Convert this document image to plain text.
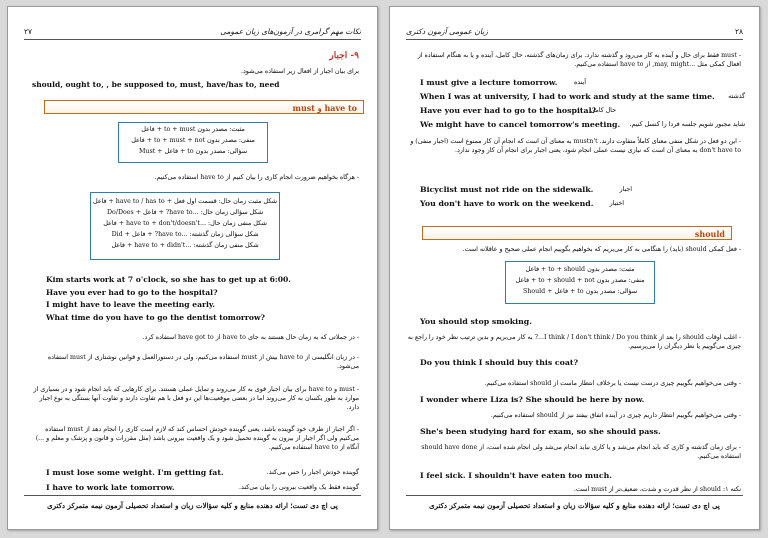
۲۷	نکات مهم گرامری در آزمون‌های زبان عمومی
۹- اجبار
برای بیان اجبار از افعال زیر استفاده می‌شود.
should, ought to, , be supposed to, must, have/has to, need
have to و must
مثبت: مصدر بدون to + must + فاعل
منفی: مصدر بدون to + must + not + فاعل
سؤالی: مصدر بدون to + فاعل + Must
- هرگاه بخواهیم ضرورت انجام کاری را بیان کنیم از have to استفاده می‌کنیم.
شکل مثبت زمان حال: قسمت اول فعل + have to / has to + فاعل
شکل سؤالی زمان حال: ...have to? + فاعل + Do/Does
شکل منفی زمان حال: ...have to + don't/doesn't + فاعل
شکل سؤالی زمان گذشته: ...have to? + فاعل + Did
شکل منفی زمان گذشته: ...have to + didn't + فاعل
Kim starts work at 7 o'clock, so she has to get up at 6:00.
Have you ever had to go to the hospital?
I might have to leave the meeting early.
What time do you have to go the dentist tomorrow?
- در جملاتی که به زمان حال هستند به جای have to از have got to استفاده کرد.
- در زبان انگلیسی از have to بیش از must استفاده می‌کنیم، ولی در دستورالعمل و قوانین نوشتاری از must استفاده می‌شود.
- must و have to برای بیان اجبار قوی به کار می‌روند و تمایل عملی هستند. برای کارهایی که باید انجام شود و در بسیاری از موارد به طور یکسان به کار می‌روند اما در بعضی موقعیت‌ها این دو فعل با هم تفاوت دارند و تفاوت آنها بستگی به نوع اجبار دارد.
- اگر اجبار از طرف خود گوینده باشد، یعنی گوینده خودش احساس کند که لازم است کاری را انجام دهد از must استفاده می‌کنیم ولی اگر اجبار از بیرون به گوینده تحمیل شود و یک واقعیت بیرونی باشد (مثل مقررات و قانون و پزشک و معلم و ...) آنگاه از have to استفاده می‌کنیم.
I must lose some weight. I'm getting fat.	گوینده خودش اجبار را حس می‌کند.
I have to work late tomorrow.	گوینده فقط یک واقعیت بیرونی را بیان می‌کند.
پی اچ دی تست؛ ارائه دهنده منابع و کلیه سؤالات زبان و استعداد تحصیلی آزمون نیمه متمرکز دکتری
۲۸
زبان عمومی آزمون دکتری
- must فقط برای حال و آینده به کار می‌رود و گذشته ندارد. برای زمان‌های گذشته، حال کامل، آینده و یا به هنگام استفاده از افعال کمکی مثل ...may, might, از have to استفاده می‌کنیم.
I must give a lecture tomorrow.	آینده
When I was at university, I had to work and study at the same time.	گذشته
Have you ever had to go to the hospital?
حال کامل
We might have to cancel tomorrow's meeting.	شاید مجبور شویم جلسه فردا را کنسل کنیم.
- این دو فعل در شکل منفی معنای کاملاً متفاوت دارند. mustn't به معنای آن است که انجام آن کار ممنوع است (اجبار منفی) و don't have to به معنای آن است که نیازی نیست عملی انجام شود، یعنی اجبار برای انجام آن کار وجود ندارد.
Bicyclist must not ride on the sidewalk.	اجبار
You don't have to work on the weekend.	اختیار
should
- فعل کمکی should (باید) را هنگامی به کار می‌بریم که بخواهیم بگوییم انجام عملی صحیح و عاقلانه است.
مثبت: مصدر بدون to + should + فاعل
منفی: مصدر بدون to + should + not + فاعل
سؤالی: مصدر بدون to + فاعل + Should
You should stop smoking.
- اغلب اوقات should را بعد از I think / I don't think / Do you think...? به کار می‌بریم و بدین ترتیب نظر خود را راجع به چیزی می‌گوییم یا نظر دیگران را می‌پرسیم.
Do you think I should buy this coat?
- وقتی می‌خواهیم بگوییم چیزی درست نیست یا برخلاف انتظار ماست از should استفاده می‌کنیم.
I wonder where Liza is? She should be here by now.
- وقتی می‌خواهیم بگوییم انتظار داریم چیزی در آینده اتفاق بیفتد نیز از should استفاده می‌کنیم.
She's been studying hard for exam, so she should pass.
- برای زمان گذشته و کاری که باید انجام می‌شد و یا کاری نباید انجام می‌شد ولی انجام شده است، از should have done استفاده می‌کنیم.
I feel sick. I shouldn't have eaten too much.
نکته ۱: should از نظر قدرت و شدت، ضعیف‌تر از must است.
پی اچ دی تست؛ ارائه دهنده منابع و کلیه سؤالات زبان و استعداد تحصیلی آزمون نیمه متمرکز دکتری
